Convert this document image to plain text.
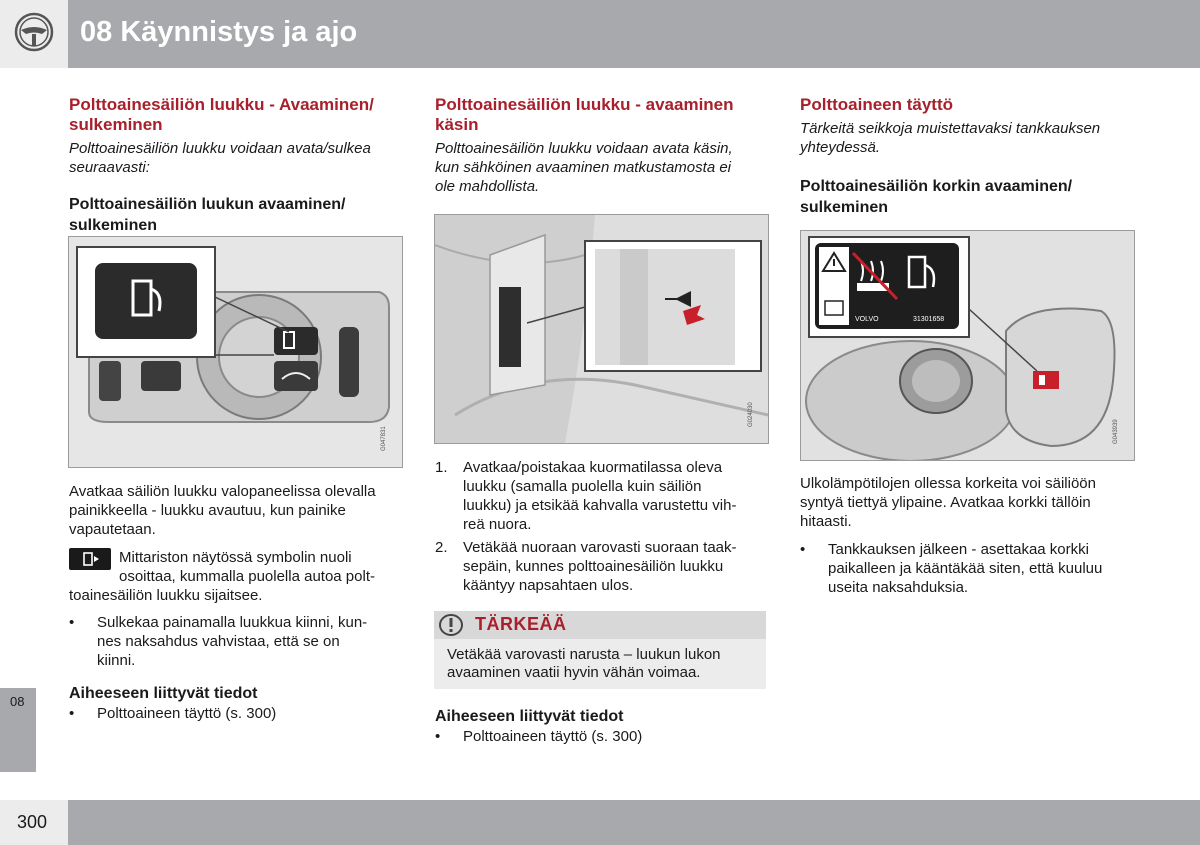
08 Käynnistys ja ajo
08
300

Polttoainesäiliön luukku - Avaaminen/
sulkeminen

Polttoainesäiliön luukku voidaan avata/sulkea
seuraavasti:

Polttoainesäiliön luukun avaaminen/
sulkeminen

G047831
Avatkaa säiliön luukku valopaneelissa olevalla
painikkeella - luukku avautuu, kun painike
vapautetaan.
Mittariston näytössä symbolin nuoli
osoittaa, kummalla puolella autoa polt-
toainesäiliön luukku sijaitsee.
• Sulkekaa painamalla luukkua kiinni, kun-
nes naksahdus vahvistaa, että se on
kiinni.
Aiheeseen liittyvät tiedot
• Polttoaineen täyttö (s. 300)

Polttoainesäiliön luukku - avaaminen
käsin

Polttoainesäiliön luukku voidaan avata käsin,
kun sähköinen avaaminen matkustamosta ei
ole mahdollista.

G024030
1. Avatkaa/poistakaa kuormatilassa oleva
luukku (samalla puolella kuin säiliön
luukku) ja etsikää kahvalla varustettu vih-
reä nuora.
2. Vetäkää nuoraan varovasti suoraan taak-
sepäin, kunnes polttoainesäiliön luukku
kääntyy napsahtaen ulos.
TÄRKEÄÄ
Vetäkää varovasti narusta – luukun lukon
avaaminen vaatii hyvin vähän voimaa.
Aiheeseen liittyvät tiedot
• Polttoaineen täyttö (s. 300)

Polttoaineen täyttö

Tärkeitä seikkoja muistettavaksi tankkauksen
yhteydessä.

Polttoainesäiliön korkin avaaminen/
sulkeminen

VOLVO	31301658
G043939
Ulkolämpötilojen ollessa korkeita voi säiliöön
syntyä tiettyä ylipaine. Avatkaa korkki tällöin
hitaasti.
• Tankkauksen jälkeen - asettakaa korkki
paikalleen ja kääntäkää siten, että kuuluu
useita naksahduksia.
